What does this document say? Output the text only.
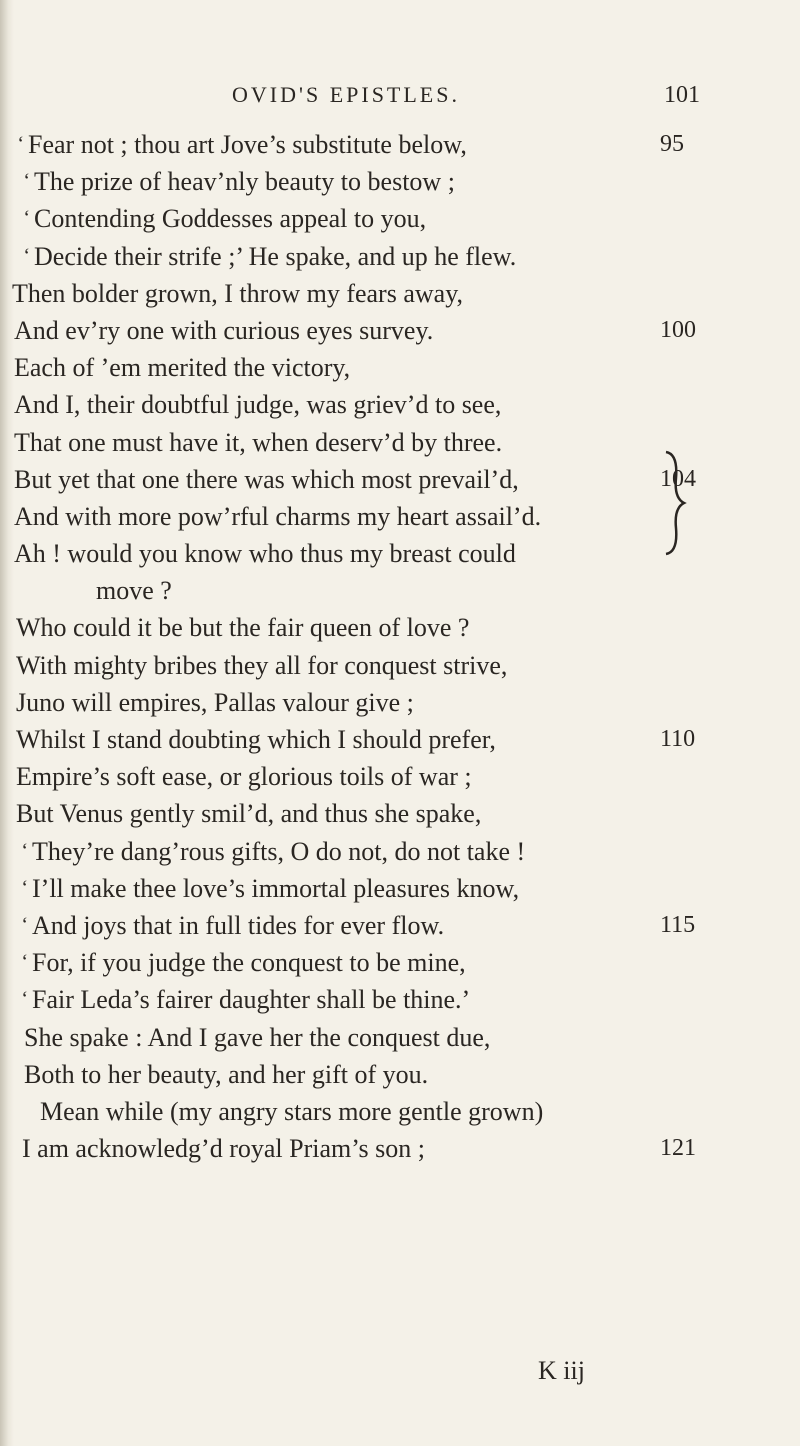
OVID'S EPISTLES.	101
‘ Fear not ; thou art Jove’s substitute below,	95
‘ The prize of heav’nly beauty to bestow ;
‘ Contending Goddesses appeal to you,
‘ Decide their strife ;’ He spake, and up he flew.
Then bolder grown, I throw my fears away,
And ev’ry one with curious eyes survey.	100
Each of ’em merited the victory,
And I, their doubtful judge, was griev’d to see,
That one must have it, when deserv’d by three.
But yet that one there was which most prevail’d,	104
And with more pow’rful charms my heart assail’d.
Ah ! would you know who thus my breast could
move ?
Who could it be but the fair queen of love ?
With mighty bribes they all for conquest strive,
Juno will empires, Pallas valour give ;
Whilst I stand doubting which I should prefer,	110
Empire’s soft ease, or glorious toils of war ;
But Venus gently smil’d, and thus she spake,
‘ They’re dang’rous gifts, O do not, do not take !
‘ I’ll make thee love’s immortal pleasures know,
‘ And joys that in full tides for ever flow.	115
‘ For, if you judge the conquest to be mine,
‘ Fair Leda’s fairer daughter shall be thine.’
She spake : And I gave her the conquest due,
Both to her beauty, and her gift of you.
Mean while (my angry stars more gentle grown)
I am acknowledg’d royal Priam’s son ;	121
K iij
